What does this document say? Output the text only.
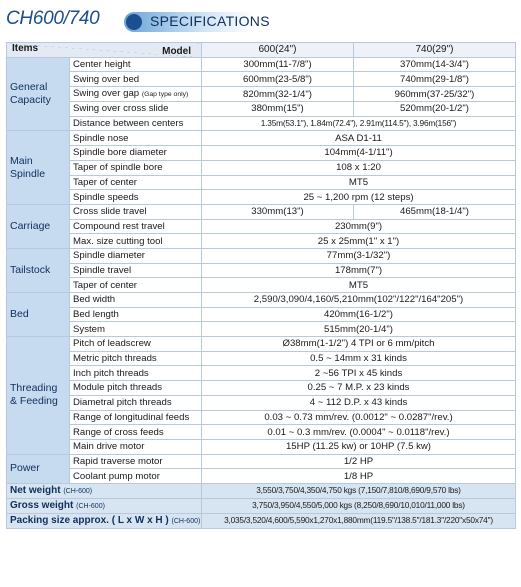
CH600/740	SPECIFICATIONS
Model
Items		600(24")	740(29")
General Capacity	Center height	300mm(11-7/8")	370mm(14-3/4")
	Swing over bed	600mm(23-5/8")	740mm(29-1/8")
	Swing over gap (Gap type only)	820mm(32-1/4")	960mm(37-25/32")
	Swing over cross slide	380mm(15")	520mm(20-1/2")
	Distance between centers	1.35m(53.1"), 1.84m(72.4"), 2.91m(114.5"), 3.96m(156")	
Main Spindle	Spindle nose	ASA D1-11	
	Spindle bore diameter	104mm(4-1/11")	
	Taper of spindle bore	108 x 1:20	
	Taper of center	MT5	
	Spindle speeds	25 ~ 1,200 rpm (12 steps)	
Carriage	Cross slide travel	330mm(13")	465mm(18-1/4")
	Compound rest travel	230mm(9")	
	Max. size cutting tool	25 x 25mm(1" x 1")	
Tailstock	Spindle diameter	77mm(3-1/32")	
	Spindle travel	178mm(7")	
	Taper of center	MT5	
Bed	Bed width	2,590/3,090/4,160/5,210mm(102"/122"/164"205")	
	Bed length	420mm(16-1/2")	
	System	515mm(20-1/4")	
Threading & Feeding	Pitch of leadscrew	Ø38mm(1-1/2") 4 TPI or 6 mm/pitch	
	Metric pitch threads	0.5 ~ 14mm x 31 kinds	
	Inch pitch threads	2 ~56 TPI x 45 kinds	
	Module pitch threads	0.25 ~ 7 M.P. x 23 kinds	
	Diametral pitch threads	4 ~ 112 D.P. x 43 kinds	
	Range of longitudinal feeds	0.03 ~ 0.73 mm/rev. (0.0012" ~ 0.0287"/rev.)	
	Range of cross feeds	0.01 ~ 0.3 mm/rev. (0.0004" ~ 0.0118"/rev.)	
	Main drive motor	15HP (11.25 kw) or 10HP (7.5 kw)	
Power	Rapid traverse motor	1/2 HP	
	Coolant pump motor	1/8 HP	
Net weight (CH-600)		3,550/3,750/4,350/4,750 kgs (7,150/7,810/8,690/9,570 lbs)	
Gross weight (CH-600)		3,750/3,950/4,550/5,000 kgs (8,250/8,690/10,010/11,000 lbs)	
Packing size approx. ( L x W x H ) (CH-600)		3,035/3,520/4,600/5,590x1,270x1,880mm(119.5"/138.5"/181.3"/220"x50x74")	
